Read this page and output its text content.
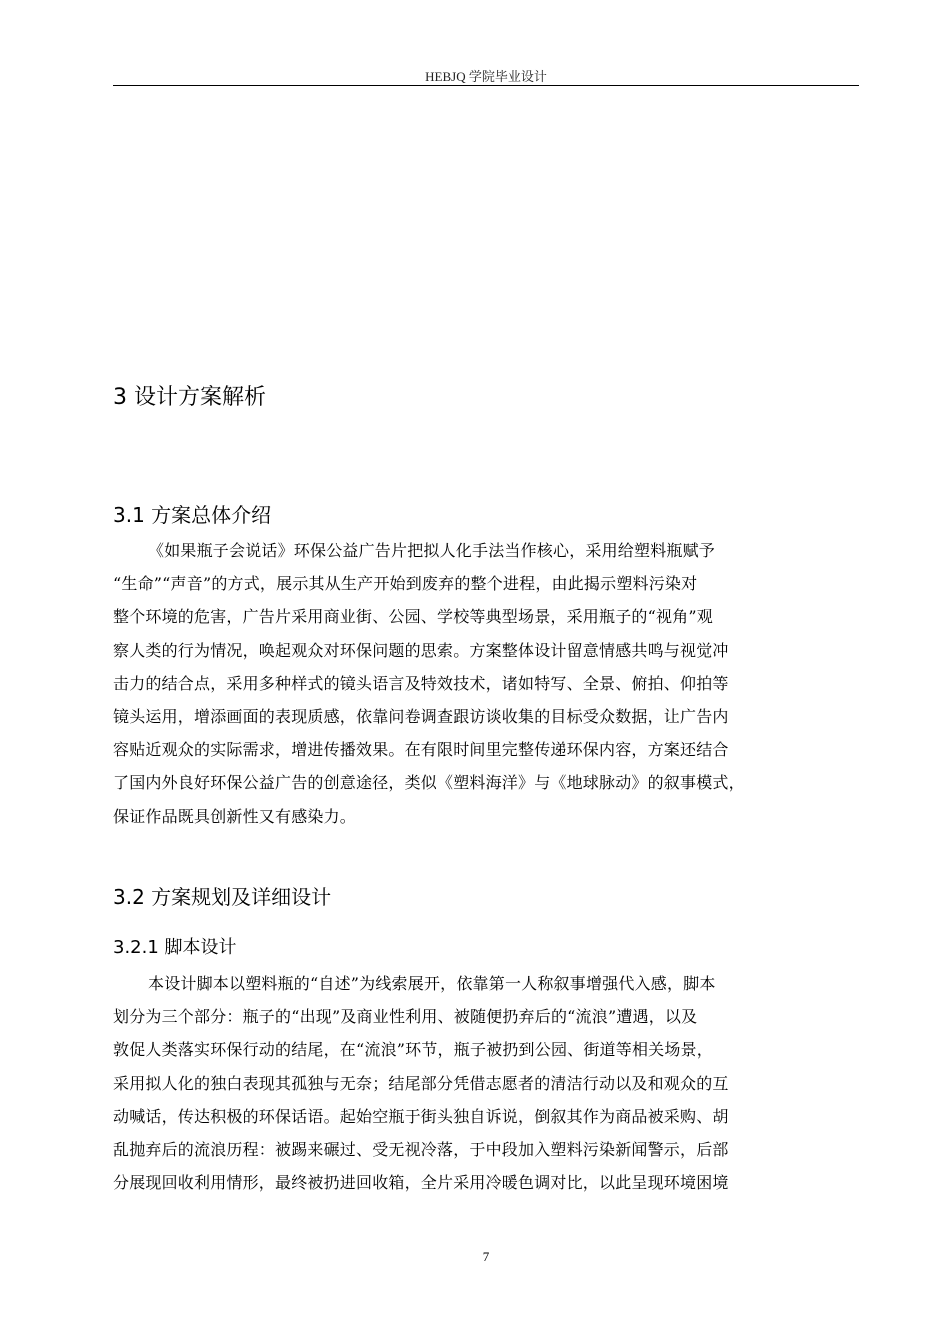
HEBJQ 学院毕业设计
3 设计方案解析
3.1 方案总体介绍
《如果瓶子会说话》环保公益广告片把拟人化手法当作核心，采用给塑料瓶赋予
“生命”“声音”的方式，展示其从生产开始到废弃的整个进程，由此揭示塑料污染对
整个环境的危害，广告片采用商业街、公园、学校等典型场景，采用瓶子的“视角”观
察人类的行为情况，唤起观众对环保问题的思索。方案整体设计留意情感共鸣与视觉冲
击力的结合点，采用多种样式的镜头语言及特效技术，诸如特写、全景、俯拍、仰拍等
镜头运用，增添画面的表现质感，依靠问卷调查跟访谈收集的目标受众数据，让广告内
容贴近观众的实际需求，增进传播效果。在有限时间里完整传递环保内容，方案还结合
了国内外良好环保公益广告的创意途径，类似《塑料海洋》与《地球脉动》的叙事模式，
保证作品既具创新性又有感染力。
3.2 方案规划及详细设计
3.2.1 脚本设计
本设计脚本以塑料瓶的“自述”为线索展开，依靠第一人称叙事增强代入感，脚本
划分为三个部分：瓶子的“出现”及商业性利用、被随便扔弃后的“流浪”遭遇，以及
敦促人类落实环保行动的结尾，在“流浪”环节，瓶子被扔到公园、街道等相关场景，
采用拟人化的独白表现其孤独与无奈；结尾部分凭借志愿者的清洁行动以及和观众的互
动喊话，传达积极的环保话语。起始空瓶于街头独自诉说，倒叙其作为商品被采购、胡
乱抛弃后的流浪历程：被踢来碾过、受无视冷落，于中段加入塑料污染新闻警示，后部
分展现回收利用情形，最终被扔进回收箱，全片采用冷暖色调对比，以此呈现环境困境
7
